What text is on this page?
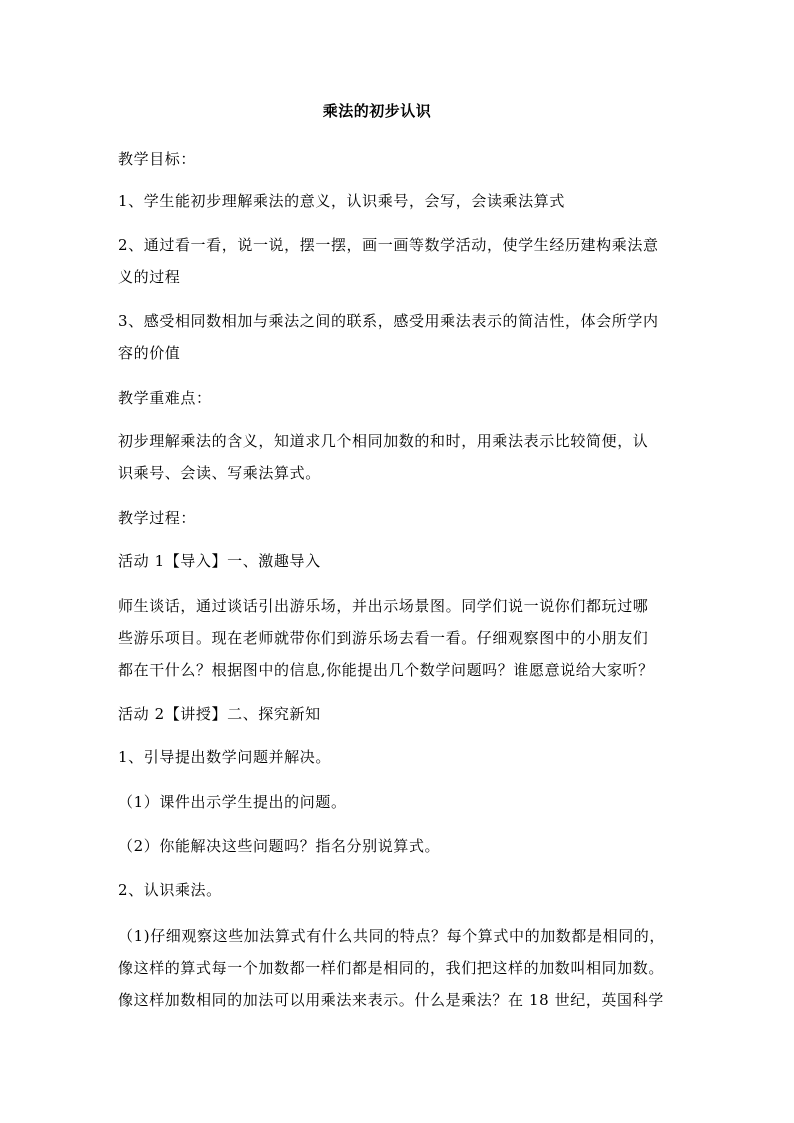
乘法的初步认识
教学目标：
1、学生能初步理解乘法的意义，认识乘号，会写，会读乘法算式
2、通过看一看，说一说，摆一摆，画一画等数学活动，使学生经历建构乘法意
义的过程
3、感受相同数相加与乘法之间的联系，感受用乘法表示的简洁性，体会所学内
容的价值
教学重难点：
初步理解乘法的含义，知道求几个相同加数的和时，用乘法表示比较简便，认
识乘号、会读、写乘法算式。
教学过程：
活动 1【导入】一、激趣导入
师生谈话，通过谈话引出游乐场，并出示场景图。同学们说一说你们都玩过哪
些游乐项目。现在老师就带你们到游乐场去看一看。仔细观察图中的小朋友们
都在干什么？根据图中的信息,你能提出几个数学问题吗？谁愿意说给大家听？
活动 2【讲授】二、探究新知
1、引导提出数学问题并解决。
（1）课件出示学生提出的问题。
（2）你能解决这些问题吗？指名分别说算式。
2、认识乘法。
（1)仔细观察这些加法算式有什么共同的特点？每个算式中的加数都是相同的，
像这样的算式每一个加数都一样们都是相同的，我们把这样的加数叫相同加数。
像这样加数相同的加法可以用乘法来表示。什么是乘法？在 18 世纪，英国科学
